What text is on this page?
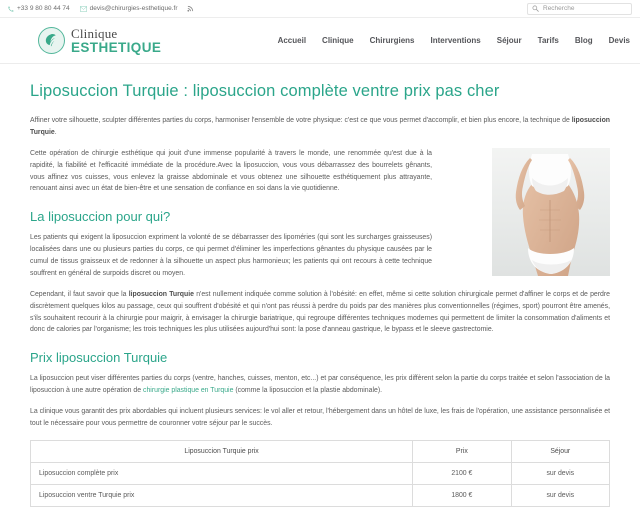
+33 9 80 80 44 74	devis@chirurgies-esthetique.fr	Recherche
Clinique
ESTHETIQUE	Accueil Clinique Chirurgiens Interventions Séjour Tarifs Blog Devis
Liposuccion Turquie : liposuccion complète ventre prix pas cher

Affiner votre silhouette, sculpter différentes parties du corps, harmoniser l'ensemble de votre physique: c'est ce que vous permet d'accomplir, et bien plus encore, la technique de liposuccion Turquie.

Cette opération de chirurgie esthétique qui jouit d'une immense popularité à travers le monde, une renommée qu'est due à la rapidité, la fiabilité et l'efficacité immédiate de la procédure.Avec la liposuccion, vous vous débarrassez des bourrelets gênants, vous affinez vos cuisses, vous enlevez la graisse abdominale et vous obtenez une silhouette esthétiquement plus attrayante, renouant ainsi avec un état de bien-être et une sensation de confiance en soi dans la vie quotidienne.

La liposuccion pour qui?

Les patients qui exigent la liposuccion expriment la volonté de se débarrasser des lipoméries (qui sont les surcharges graisseuses) localisées dans une ou plusieurs parties du corps, ce qui permet d'éliminer les imperfections gênantes du physique causées par le cumul de tissus graisseux et de redonner à la silhouette un aspect plus harmonieux; les patients qui ont recours à cette technique souffrent en général de surpoids discret ou moyen.

Cependant, il faut savoir que la liposuccion Turquie n'est nullement indiquée comme solution à l'obésité: en effet, même si cette solution chirurgicale permet d'affiner le corps et de perdre discrètement quelques kilos au passage, ceux qui souffrent d'obésité et qui n'ont pas réussi à perdre du poids par des manières plus conventionnelles (régimes, sport) pourront être amenés, s'ils souhaitent recourir à la chirurgie pour maigrir, à envisager la chirurgie bariatrique, qui regroupe différentes techniques modernes qui permettent de limiter la consommation d'aliments et donc de calories par l'organisme; les trois techniques les plus utilisées aujourd'hui sont: la pose d'anneau gastrique, le bypass et le sleeve gastrectomie.

Prix liposuccion Turquie

La liposuccion peut viser différentes parties du corps (ventre, hanches, cuisses, menton, etc...) et par conséquence, les prix diffèrent selon la partie du corps traitée et selon l'association de la liposuccion à une autre opération de chirurgie plastique en Turquie (comme la liposuccion et la plastie abdominale).

La clinique vous garantit des prix abordables qui incluent plusieurs services: le vol aller et retour, l'hébergement dans un hôtel de luxe, les frais de l'opération, une assistance personnalisée et tout le nécessaire pour vous permettre de couronner votre séjour par le succès.

Liposuccion Turquie prix	Prix	Séjour
Liposuccion complète prix	2100 €	sur devis
Liposuccion ventre Turquie prix	1800 €	sur devis
